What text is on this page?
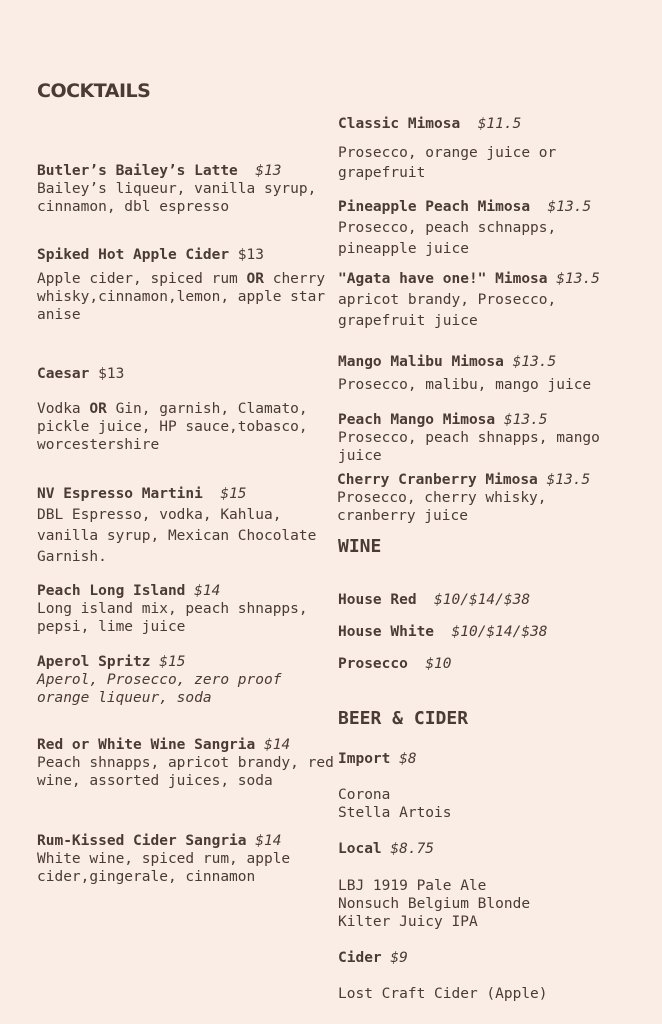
COCKTAILS
Butler’s Bailey’s Latte $13
Bailey’s liqueur, vanilla syrup, cinnamon, dbl espresso
Spiked Hot Apple Cider $13
Apple cider, spiced rum OR cherry whisky,cinnamon,lemon, apple star anise
Caesar $13
Vodka OR Gin, garnish, Clamato, pickle juice, HP sauce,tobasco, worcestershire
NV Espresso Martini $15
DBL Espresso, vodka, Kahlua, vanilla syrup, Mexican Chocolate Garnish.
Peach Long Island $14
Long island mix, peach shnapps, pepsi, lime juice
Aperol Spritz $15
Aperol, Prosecco, zero proof orange liqueur, soda
Red or White Wine Sangria $14
Peach shnapps, apricot brandy, red wine, assorted juices, soda
Rum-Kissed Cider Sangria $14
White wine, spiced rum, apple cider,gingerale, cinnamon
Classic Mimosa $11.5
Prosecco, orange juice or grapefruit
Pineapple Peach Mimosa $13.5
Prosecco, peach schnapps, pineapple juice
"Agata have one!" Mimosa $13.5
apricot brandy, Prosecco, grapefruit juice
Mango Malibu Mimosa $13.5
Prosecco, malibu, mango juice
Peach Mango Mimosa $13.5
Prosecco, peach shnapps, mango juice
Cherry Cranberry Mimosa $13.5
Prosecco, cherry whisky, cranberry juice
WINE
House Red $10/$14/$38
House White $10/$14/$38
Prosecco $10
BEER & CIDER
Import $8
Corona
Stella Artois
Local $8.75
LBJ 1919 Pale Ale
Nonsuch Belgium Blonde
Kilter Juicy IPA
Cider $9
Lost Craft Cider (Apple)
